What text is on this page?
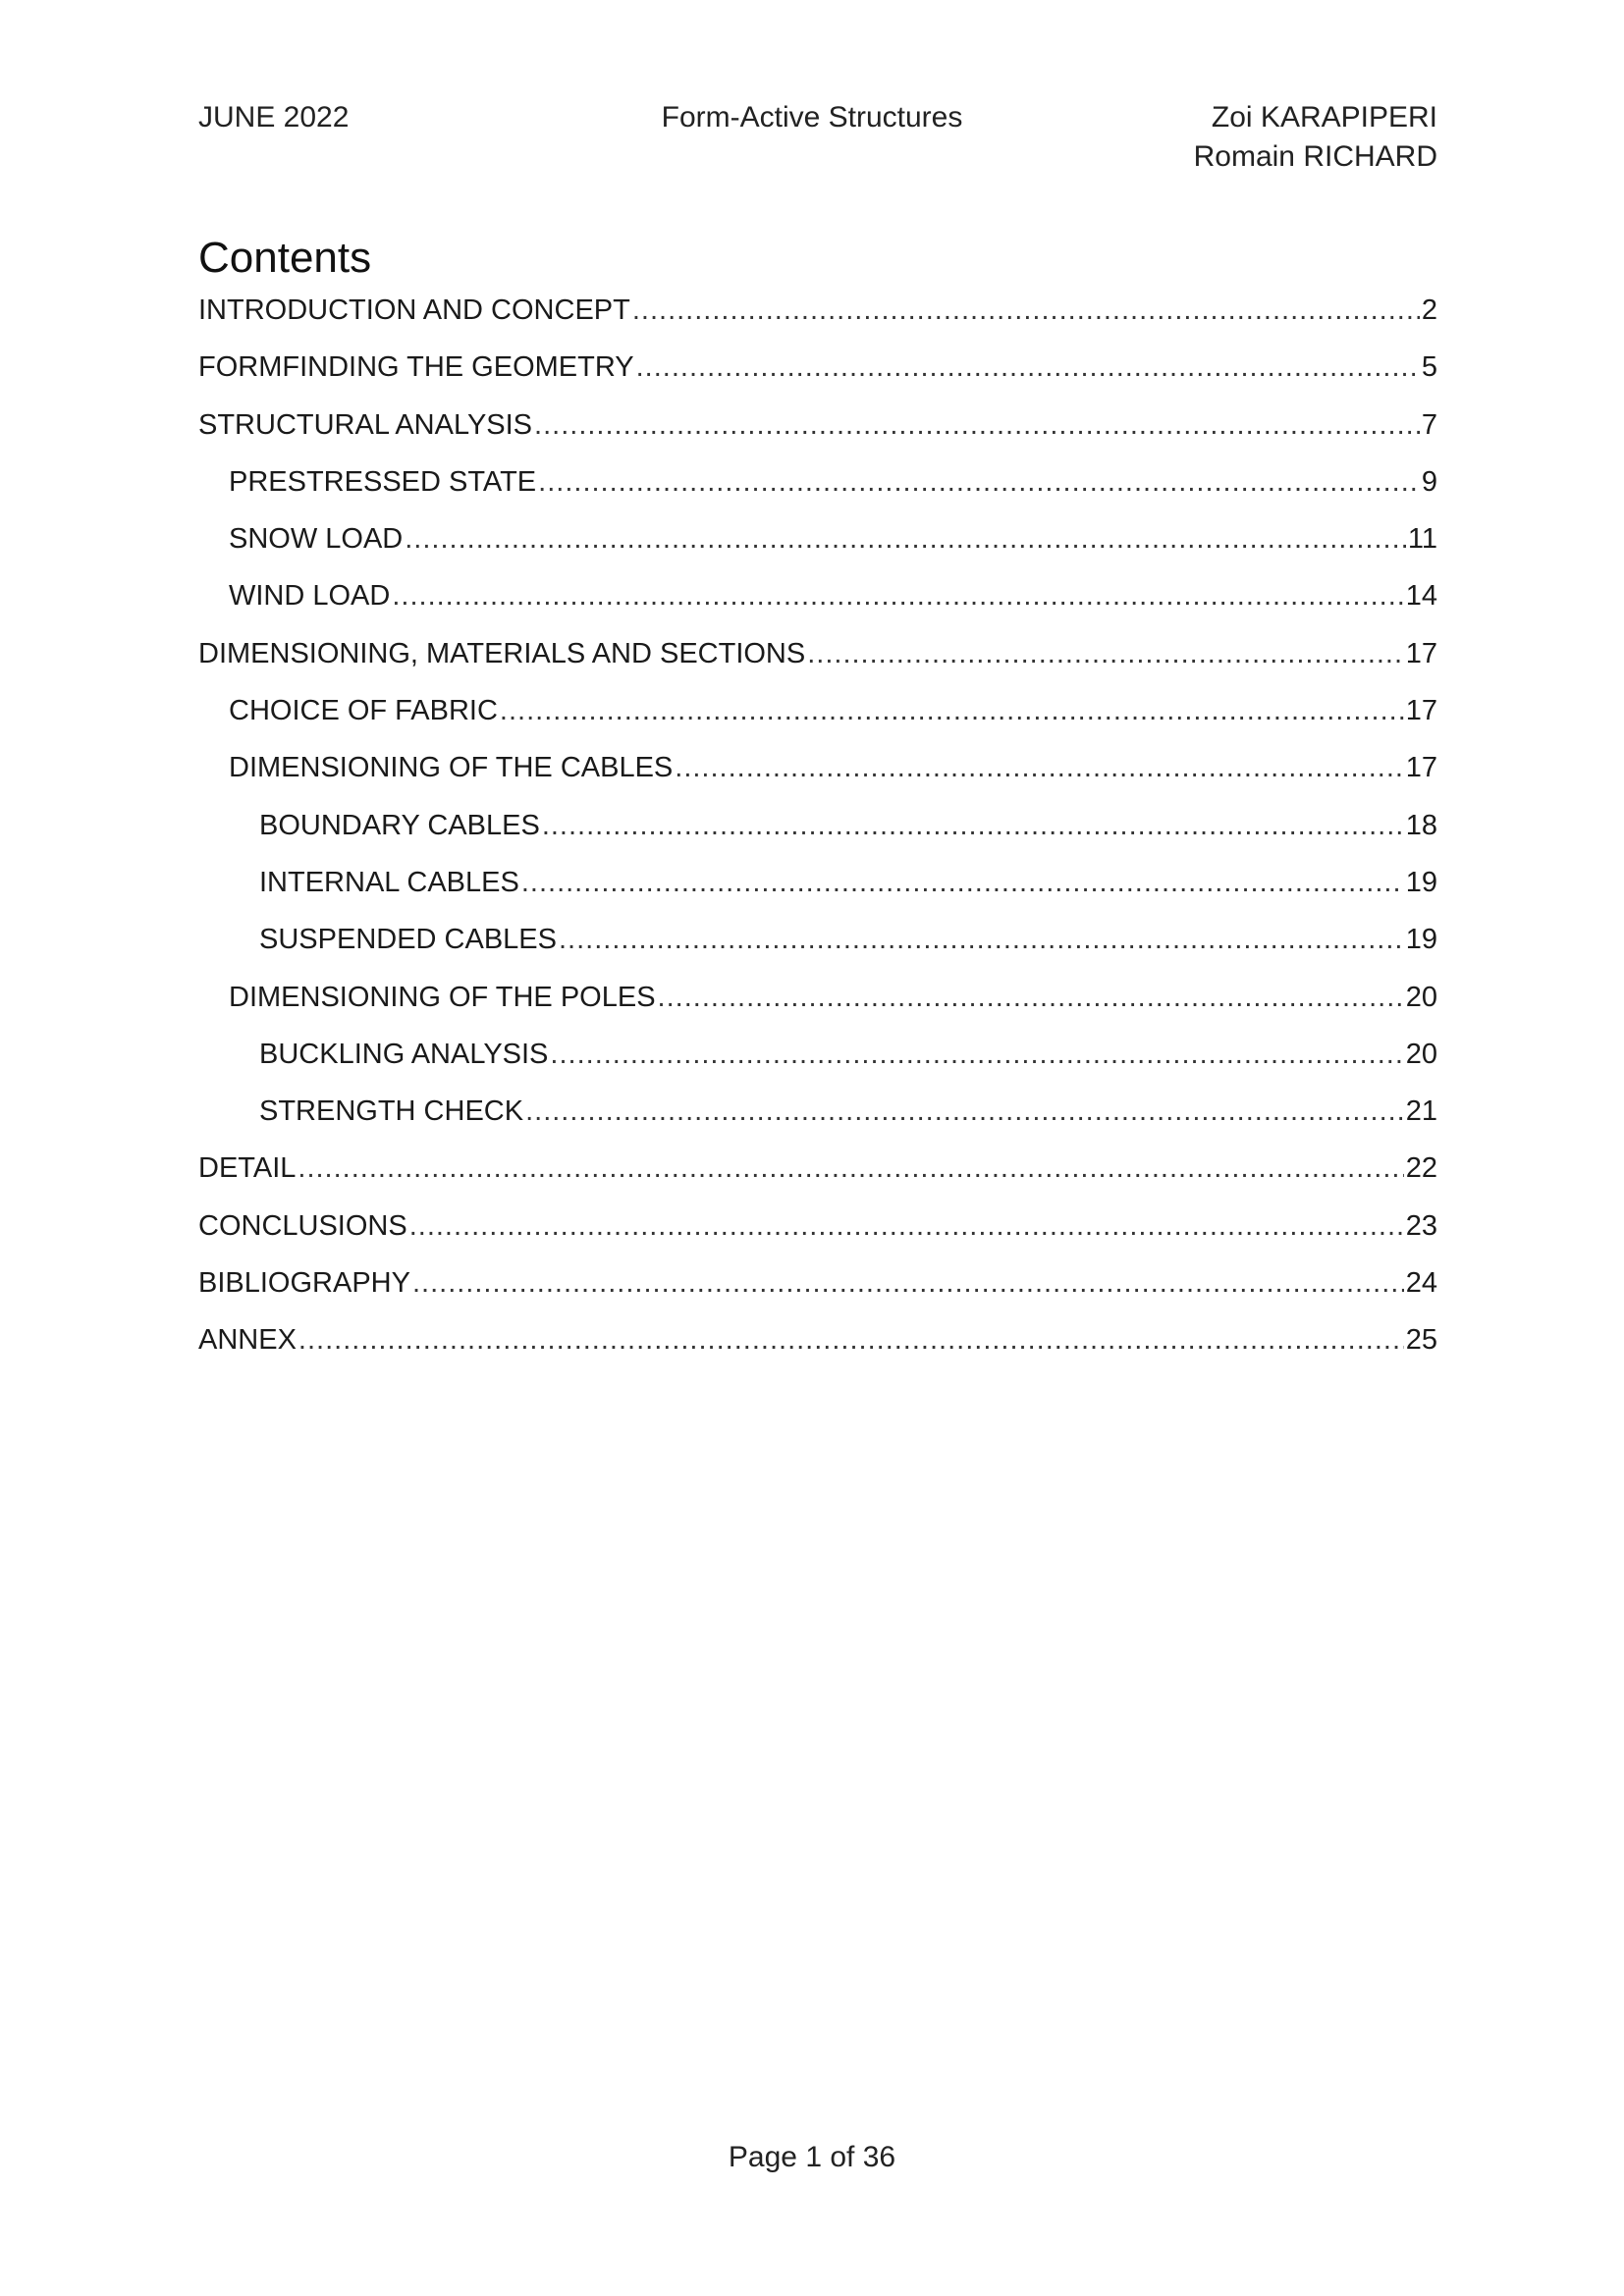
JUNE 2022	Form-Active Structures	Zoi KARAPIPERI
Romain RICHARD
Contents
INTRODUCTION AND CONCEPT .....	2
FORMFINDING THE GEOMETRY .....	5
STRUCTURAL ANALYSIS .....	7
PRESTRESSED STATE .....	9
SNOW LOAD .....	11
WIND LOAD .....	14
DIMENSIONING, MATERIALS AND SECTIONS .....	17
CHOICE OF FABRIC .....	17
DIMENSIONING OF THE CABLES .....	17
BOUNDARY CABLES .....	18
INTERNAL CABLES .....	19
SUSPENDED CABLES .....	19
DIMENSIONING OF THE POLES .....	20
BUCKLING ANALYSIS .....	20
STRENGTH CHECK .....	21
DETAIL .....	22
CONCLUSIONS .....	23
BIBLIOGRAPHY .....	24
ANNEX .....	25
Page 1 of 36
